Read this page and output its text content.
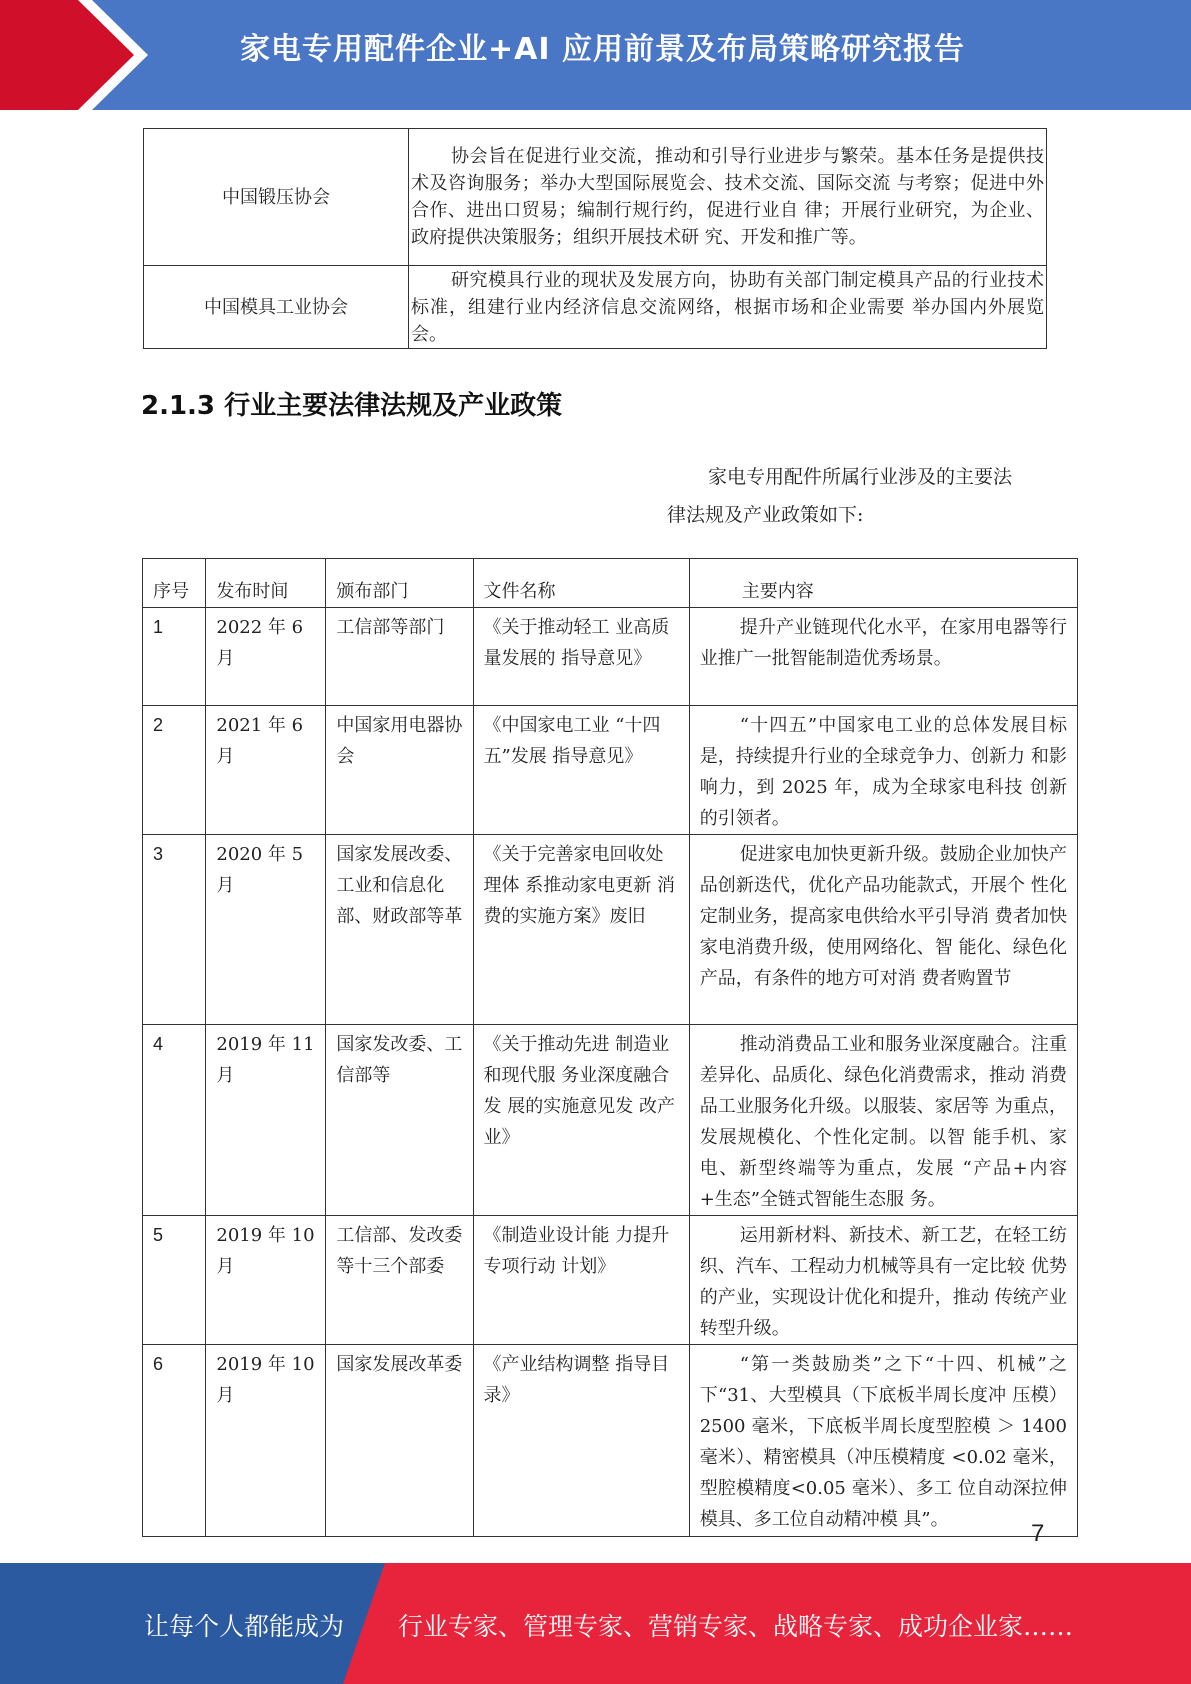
家电专用配件企业+AI 应用前景及布局策略研究报告
中国锻压协会	协会旨在促进行业交流，推动和引导行业进步与繁荣。基本任务是提供技术及咨询服务；举办大型国际展览会、技术交流、国际交流 与考察；促进中外合作、进出口贸易；编制行规行约，促进行业自 律；开展行业研究，为企业、政府提供决策服务；组织开展技术研 究、开发和推广等。
中国模具工业协会	研究模具行业的现状及发展方向，协助有关部门制定模具产品的行业技术标准，组建行业内经济信息交流网络，根据市场和企业需要 举办国内外展览会。
2.1.3 行业主要法律法规及产业政策
家电专用配件所属行业涉及的主要法
律法规及产业政策如下:
序号	发布时间	颁布部门	文件名称	主要内容
1	2022 年 6 月	工信部等部门	《关于推动轻工 业高质量发展的 指导意见》	提升产业链现代化水平，在家用电器等行 业推广一批智能制造优秀场景。
2	2021 年 6 月	中国家用电器协会	《中国家电工业 “十四五”发展 指导意见》	“十四五”中国家电工业的总体发展目标 是，持续提升行业的全球竞争力、创新力 和影响力，到 2025 年，成为全球家电科技 创新的引领者。
3	2020 年 5 月	国家发展改委、工业和信息化部、财政部等革	《关于完善家电回收处理体 系推动家电更新 消费的实施方案》废旧	促进家电加快更新升级。鼓励企业加快产品创新迭代，优化产品功能款式，开展个 性化定制业务，提高家电供给水平引导消 费者加快家电消费升级，使用网络化、智 能化、绿色化产品，有条件的地方可对消 费者购置节
4	2019 年 11 月	国家发改委、工信部等	《关于推动先进 制造业和现代服 务业深度融合发 展的实施意见发 改产业》	推动消费品工业和服务业深度融合。注重 差异化、品质化、绿色化消费需求，推动 消费品工业服务化升级。以服装、家居等 为重点，发展规模化、个性化定制。以智 能手机、家电、新型终端等为重点，发展 “产品+内容+生态”全链式智能生态服 务。
5	2019 年 10 月	工信部、发改委等十三个部委	《制造业设计能 力提升专项行动 计划》	运用新材料、新技术、新工艺，在轻工纺 织、汽车、工程动力机械等具有一定比较 优势的产业，实现设计优化和提升，推动 传统产业转型升级。
6	2019 年 10 月	国家发展改革委	《产业结构调整 指导目录》	“第一类鼓励类”之下“十四、机械”之下“31、大型模具（下底板半周长度冲 压模）2500 毫米，下底板半周长度型腔模 ＞ 1400 毫米）、精密模具（冲压模精度 <0.02 毫米，型腔模精度<0.05 毫米）、多工 位自动深拉伸模具、多工位自动精冲模 具”。
7
让每个人都能成为 行业专家、管理专家、营销专家、战略专家、成功企业家……
